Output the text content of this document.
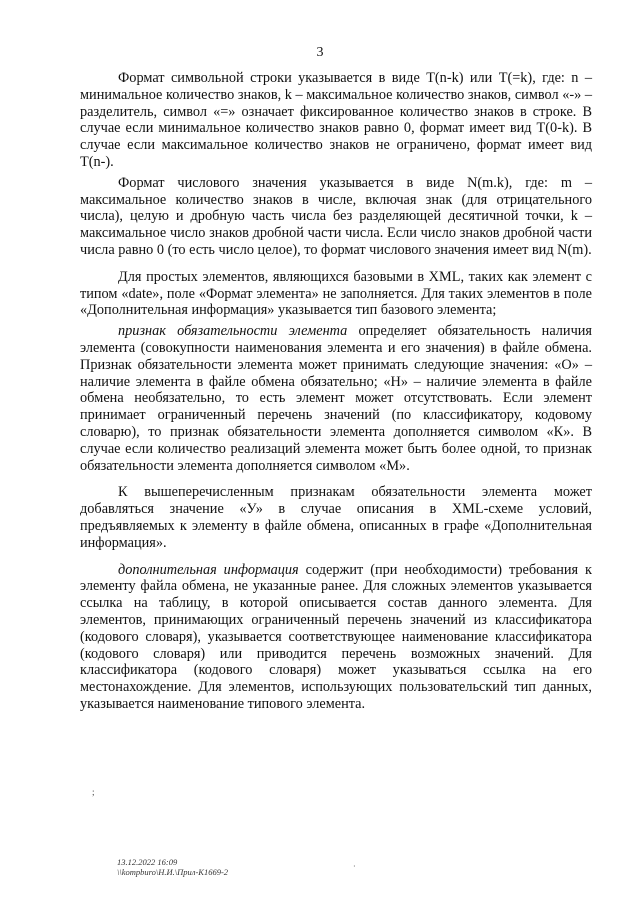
3

Формат символьной строки указывается в виде T(n-k) или T(=k), где: n – минимальное количество знаков, k – максимальное количество знаков, символ «-» – разделитель, символ «=» означает фиксированное количество знаков в строке. В случае если минимальное количество знаков равно 0, формат имеет вид T(0-k). В случае если максимальное количество знаков не ограничено, формат имеет вид T(n-).

Формат числового значения указывается в виде N(m.k), где: m – максимальное количество знаков в числе, включая знак (для отрицательного числа), целую и дробную часть числа без разделяющей десятичной точки, k – максимальное число знаков дробной части числа. Если число знаков дробной части числа равно 0 (то есть число целое), то формат числового значения имеет вид N(m).

Для простых элементов, являющихся базовыми в XML, таких как элемент с типом «date», поле «Формат элемента» не заполняется. Для таких элементов в поле «Дополнительная информация» указывается тип базового элемента;

признак обязательности элемента определяет обязательность наличия элемента (совокупности наименования элемента и его значения) в файле обмена. Признак обязательности элемента может принимать следующие значения: «О» – наличие элемента в файле обмена обязательно; «Н» – наличие элемента в файле обмена необязательно, то есть элемент может отсутствовать. Если элемент принимает ограниченный перечень значений (по классификатору, кодовому словарю), то признак обязательности элемента дополняется символом «К». В случае если количество реализаций элемента может быть более одной, то признак обязательности элемента дополняется символом «М».

К вышеперечисленным признакам обязательности элемента может добавляться значение «У» в случае описания в XML-схеме условий, предъявляемых к элементу в файле обмена, описанных в графе «Дополнительная информация».

дополнительная информация содержит (при необходимости) требования к элементу файла обмена, не указанные ранее. Для сложных элементов указывается ссылка на таблицу, в которой описывается состав данного элемента. Для элементов, принимающих ограниченный перечень значений из классификатора (кодового словаря), указывается соответствующее наименование классификатора (кодового словаря) или приводится перечень возможных значений. Для классификатора (кодового словаря) может указываться ссылка на его местонахождение. Для элементов, использующих пользовательский тип данных, указывается наименование типового элемента.

;
·
13.12.2022 16:09
\\kompburo\Н.И.\Прил-К1669-2
